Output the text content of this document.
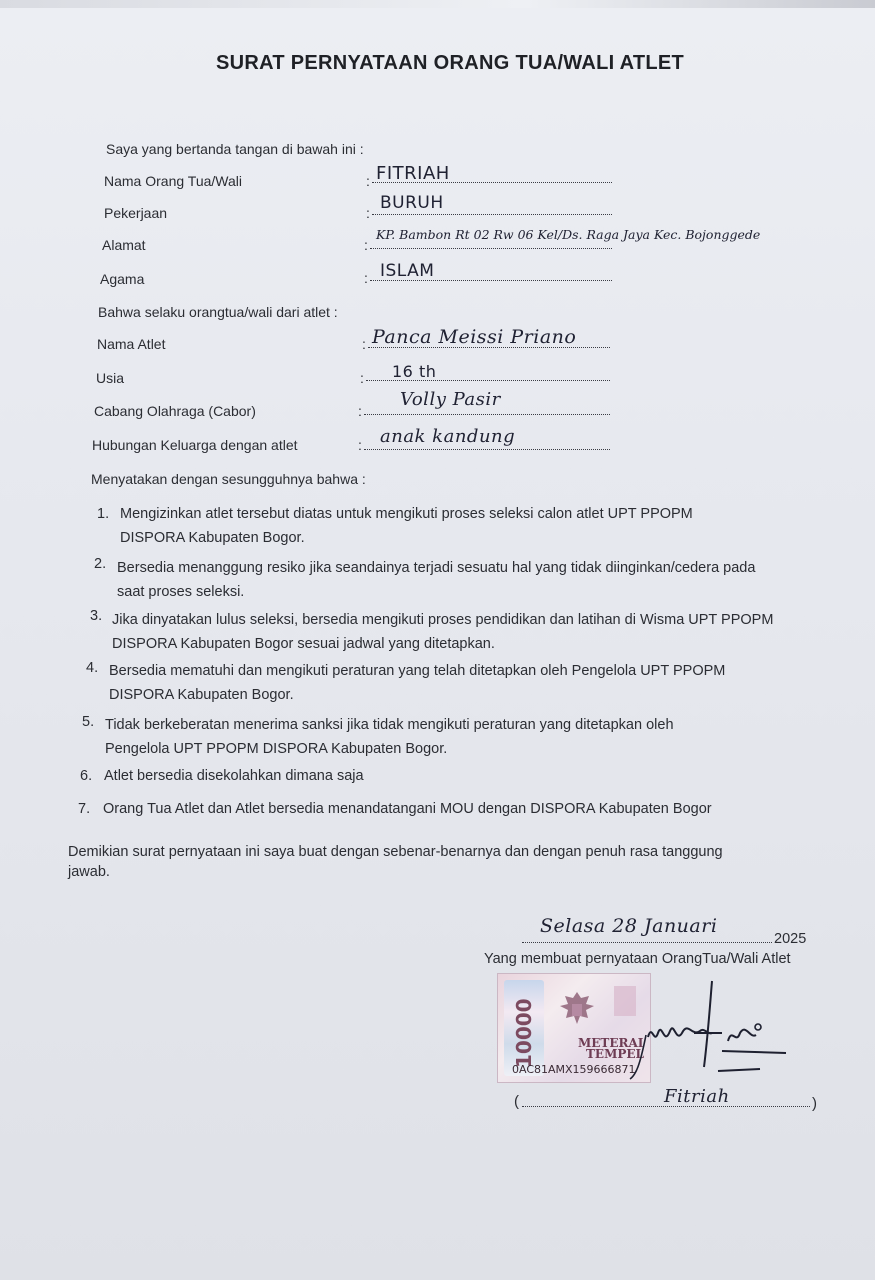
SURAT PERNYATAAN ORANG TUA/WALI ATLET
Saya yang bertanda tangan di bawah ini :
Nama Orang Tua/Wali	: FITRIAH
Pekerjaan	: BURUH
Alamat	:
KP. Bambon Rt 02 Rw 06 Kel/Ds. Raga Jaya Kec. Bojonggede
Agama	: ISLAM
Bahwa selaku orangtua/wali dari atlet :
Nama Atlet	: Panca Meissi Priano
Usia	: 16 th
Cabang Olahraga (Cabor)	:
Volly Pasir
Hubungan Keluarga dengan atlet	: anak kandung
Menyatakan dengan sesungguhnya bahwa :
1. Mengizinkan atlet tersebut diatas untuk mengikuti proses seleksi calon atlet UPT PPOPM
DISPORA Kabupaten Bogor.
2. Bersedia menanggung resiko jika seandainya terjadi sesuatu hal yang tidak diinginkan/cedera pada
saat proses seleksi.
3. Jika dinyatakan lulus seleksi, bersedia mengikuti proses pendidikan dan latihan di Wisma UPT PPOPM
DISPORA Kabupaten Bogor sesuai jadwal yang ditetapkan.
4. Bersedia mematuhi dan mengikuti peraturan yang telah ditetapkan oleh Pengelola UPT PPOPM
DISPORA Kabupaten Bogor.
5. Tidak berkeberatan menerima sanksi jika tidak mengikuti peraturan yang ditetapkan oleh
Pengelola UPT PPOPM DISPORA Kabupaten Bogor.
6. Atlet bersedia disekolahkan dimana saja
7. Orang Tua Atlet dan Atlet bersedia menandatangani MOU dengan DISPORA Kabupaten Bogor
Demikian surat pernyataan ini saya buat dengan sebenar-benarnya dan dengan penuh rasa tanggung
jawab.
Selasa 28 Januari
2025
Yang membuat pernyataan OrangTua/Wali Atlet
10000	METERAI
TEMPEL
0AC81AMX159666871
(	Fitriah	)
